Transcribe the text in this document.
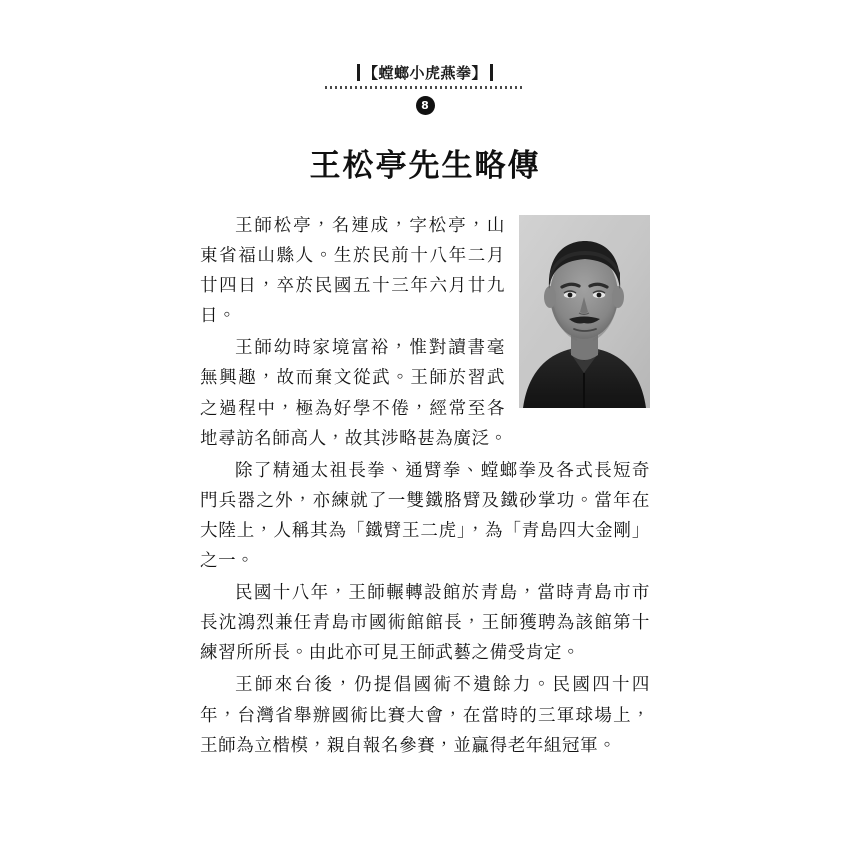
【螳螂小虎燕拳】
8
王松亭先生略傳

王師松亭，名連成，字松亭，山東省福山縣人。生於民前十八年二月廿四日，卒於民國五十三年六月廿九日。

王師幼時家境富裕，惟對讀書毫無興趣，故而棄文從武。王師於習武之過程中，極為好學不倦，經常至各地尋訪名師高人，故其涉略甚為廣泛。

除了精通太祖長拳、通臂拳、螳螂拳及各式長短奇門兵器之外，亦練就了一雙鐵胳臂及鐵砂掌功。當年在大陸上，人稱其為「鐵臂王二虎」，為「青島四大金剛」之一。

民國十八年，王師輾轉設館於青島，當時青島市市長沈鴻烈兼任青島市國術館館長，王師獲聘為該館第十練習所所長。由此亦可見王師武藝之備受肯定。

王師來台後，仍提倡國術不遺餘力。民國四十四年，台灣省舉辦國術比賽大會，在當時的三軍球場上，王師為立楷模，親自報名參賽，並贏得老年組冠軍。
